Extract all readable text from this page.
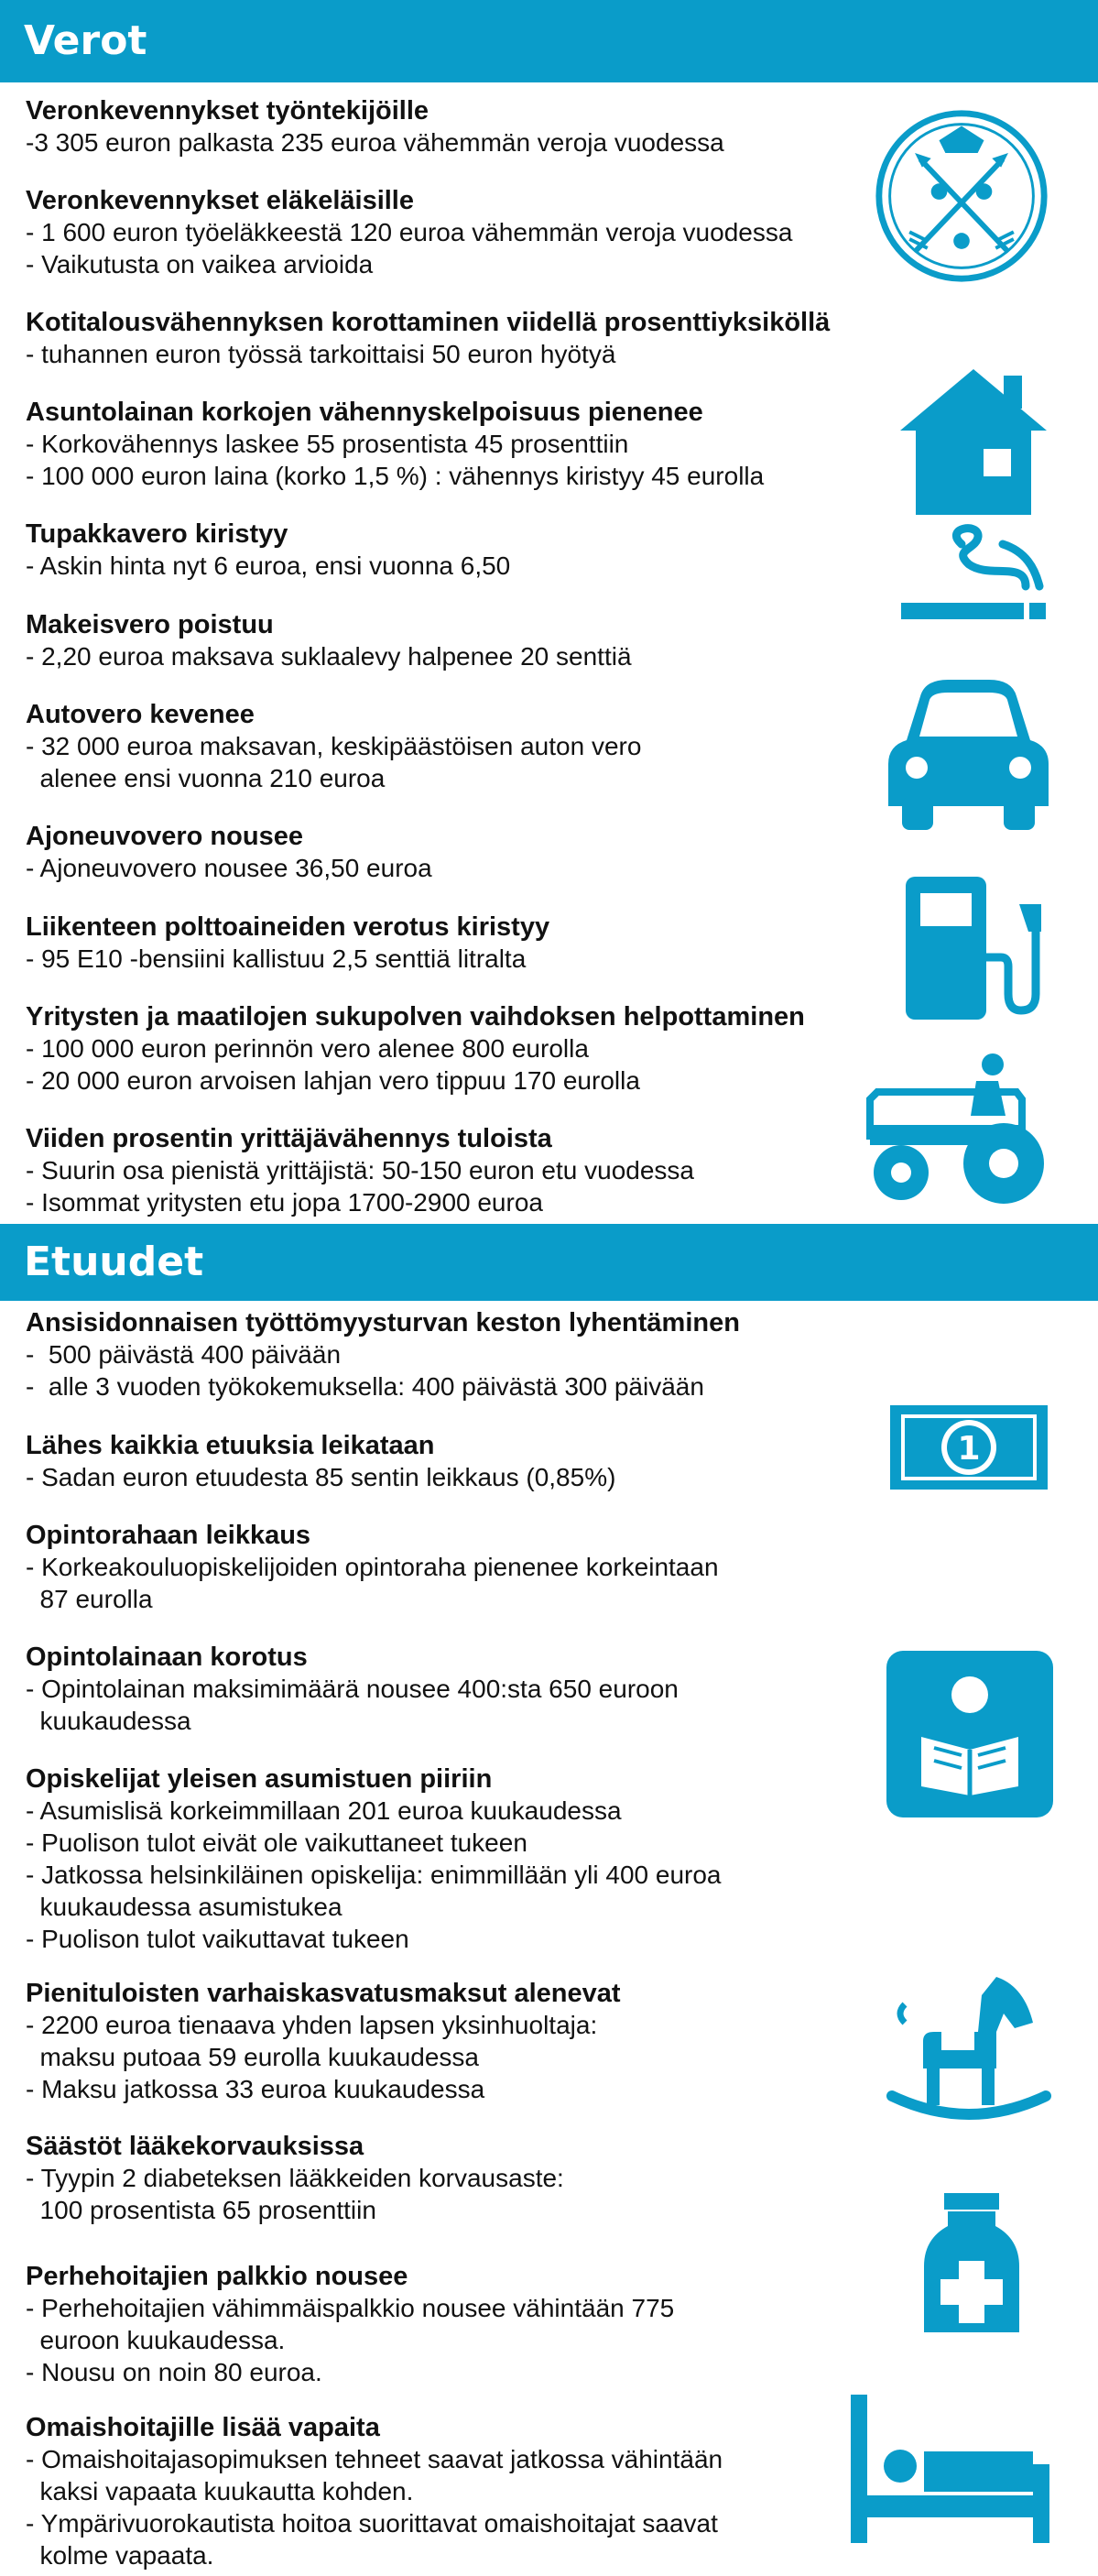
Verot
Veronkevennykset työntekijöille
-3 305 euron palkasta 235 euroa vähemmän veroja vuodessa
Veronkevennykset eläkeläisille
- 1 600 euron työeläkkeestä 120 euroa vähemmän veroja vuodessa
- Vaikutusta on vaikea arvioida
Kotitalousvähennyksen korottaminen viidellä prosenttiyksiköllä
- tuhannen euron työssä tarkoittaisi 50 euron hyötyä
Asuntolainan korkojen vähennyskelpoisuus pienenee
- Korkovähennys laskee 55 prosentista 45 prosenttiin
- 100 000 euron laina (korko 1,5 %) : vähennys kiristyy 45 eurolla
Tupakkavero kiristyy
- Askin hinta nyt 6 euroa, ensi vuonna 6,50
Makeisvero poistuu
- 2,20 euroa maksava suklaalevy halpenee 20 senttiä
Autovero kevenee
- 32 000 euroa maksavan, keskipäästöisen auton vero
alenee ensi vuonna 210 euroa
Ajoneuvovero nousee
- Ajoneuvovero nousee 36,50 euroa
Liikenteen polttoaineiden verotus kiristyy
- 95 E10 -bensiini kallistuu 2,5 senttiä litralta
Yritysten ja maatilojen sukupolven vaihdoksen helpottaminen
- 100 000 euron perinnön vero alenee 800 eurolla
- 20 000 euron arvoisen lahjan vero tippuu 170 eurolla
Viiden prosentin yrittäjävähennys tuloista
- Suurin osa pienistä yrittäjistä: 50-150 euron etu vuodessa
- Isommat yritysten etu jopa 1700-2900 euroa
Etuudet
Ansisidonnaisen työttömyysturvan keston lyhentäminen
-  500 päivästä 400 päivään
-  alle 3 vuoden työkokemuksella: 400 päivästä 300 päivään
Lähes kaikkia etuuksia leikataan
- Sadan euron etuudesta 85 sentin leikkaus (0,85%)
Opintorahaan leikkaus
- Korkeakouluopiskelijoiden opintoraha pienenee korkeintaan
87 eurolla
Opintolainaan korotus
- Opintolainan maksimimäärä nousee 400:sta 650 euroon
kuukaudessa
Opiskelijat yleisen asumistuen piiriin
- Asumislisä korkeimmillaan 201 euroa kuukaudessa
- Puolison tulot eivät ole vaikuttaneet tukeen
- Jatkossa helsinkiläinen opiskelija: enimmillään yli 400 euroa
kuukaudessa asumistukea
- Puolison tulot vaikuttavat tukeen
Pienituloisten varhaiskasvatusmaksut alenevat
- 2200 euroa tienaava yhden lapsen yksinhuoltaja:
maksu putoaa 59 eurolla kuukaudessa
- Maksu jatkossa 33 euroa kuukaudessa
Säästöt lääkekorvauksissa
- Tyypin 2 diabeteksen lääkkeiden korvausaste:
100 prosentista 65 prosenttiin
Perhehoitajien palkkio nousee
- Perhehoitajien vähimmäispalkkio nousee vähintään 775
euroon kuukaudessa.
- Nousu on noin 80 euroa.
Omaishoitajille lisää vapaita
- Omaishoitajasopimuksen tehneet saavat jatkossa vähintään
kaksi vapaata kuukautta kohden.
- Ympärivuorokautista hoitoa suorittavat omaishoitajat saavat
kolme vapaata.
1
